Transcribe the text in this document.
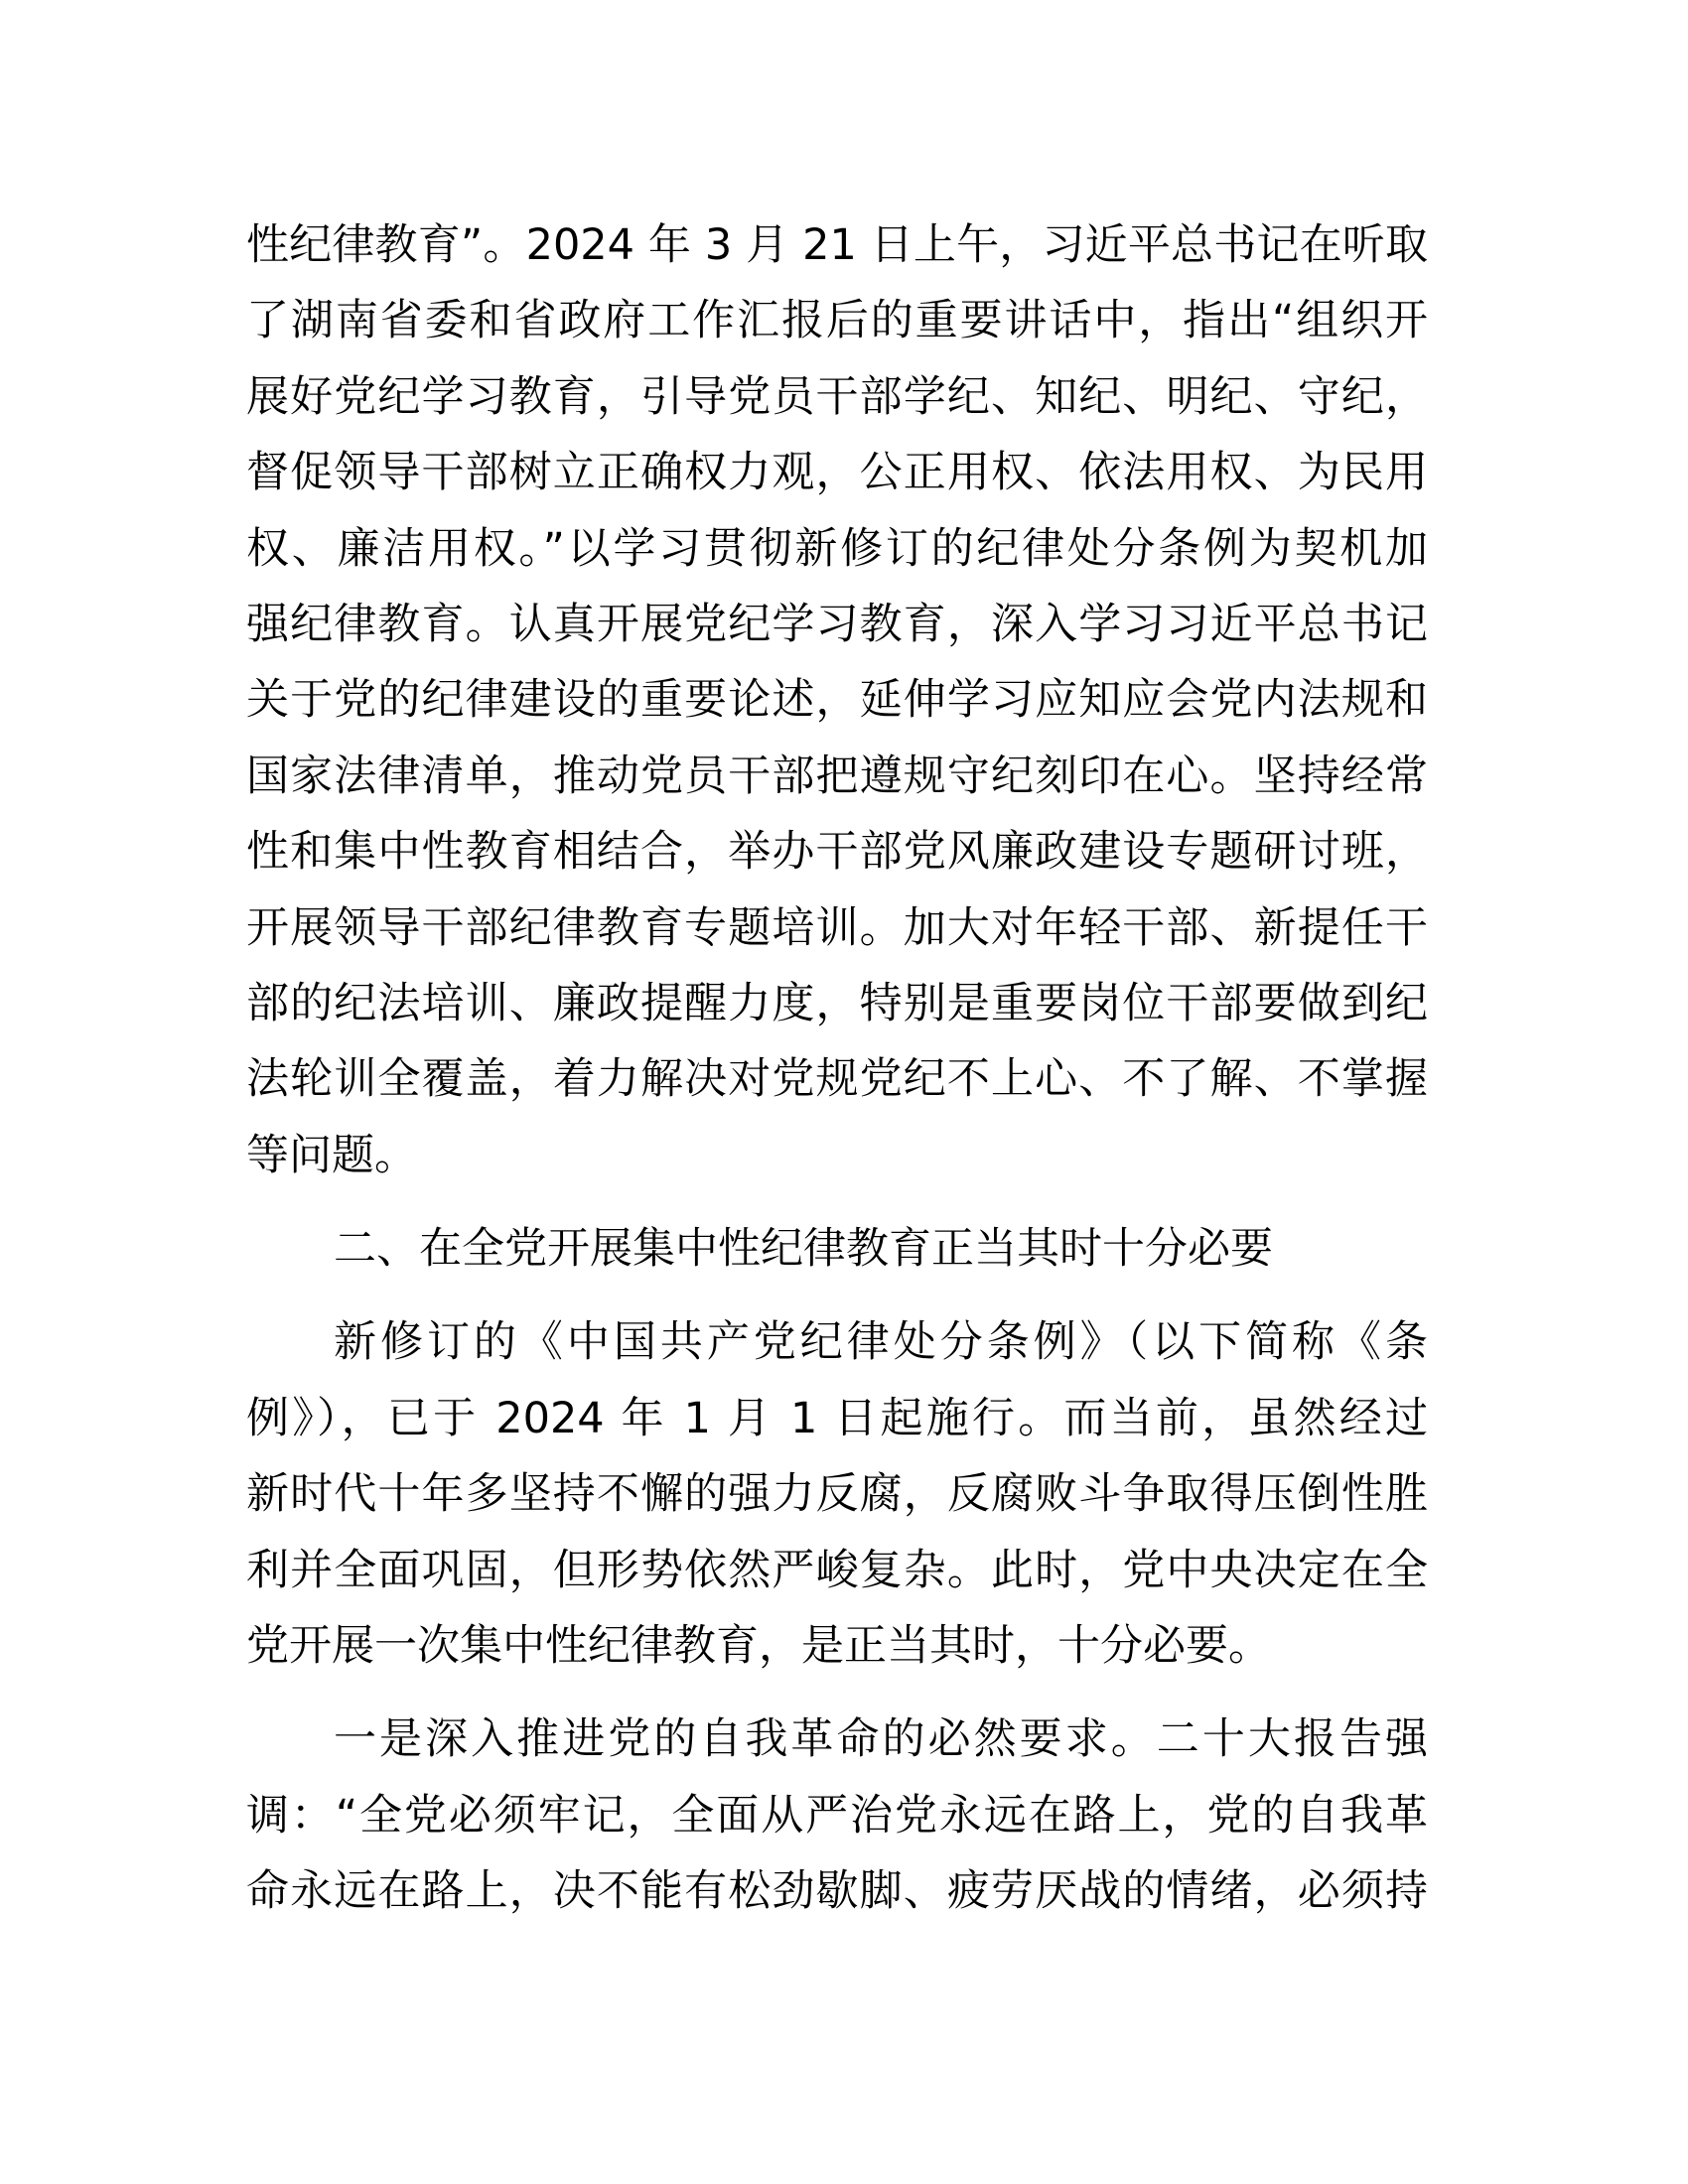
性纪律教育”。2024 年 3 月 21 日上午，习近平总书记在听取
了湖南省委和省政府工作汇报后的重要讲话中，指出“组织开
展好党纪学习教育，引导党员干部学纪、知纪、明纪、守纪，
督促领导干部树立正确权力观，公正用权、依法用权、为民用
权、廉洁用权。”以学习贯彻新修订的纪律处分条例为契机加
强纪律教育。认真开展党纪学习教育，深入学习习近平总书记
关于党的纪律建设的重要论述，延伸学习应知应会党内法规和
国家法律清单，推动党员干部把遵规守纪刻印在心。坚持经常
性和集中性教育相结合，举办干部党风廉政建设专题研讨班，
开展领导干部纪律教育专题培训。加大对年轻干部、新提任干
部的纪法培训、廉政提醒力度，特别是重要岗位干部要做到纪
法轮训全覆盖，着力解决对党规党纪不上心、不了解、不掌握
等问题。
二、在全党开展集中性纪律教育正当其时十分必要
新修订的《中国共产党纪律处分条例》（以下简称《条
例》），已于 2024 年 1 月 1 日起施行。而当前，虽然经过
新时代十年多坚持不懈的强力反腐，反腐败斗争取得压倒性胜
利并全面巩固，但形势依然严峻复杂。此时，党中央决定在全
党开展一次集中性纪律教育，是正当其时，十分必要。
一是深入推进党的自我革命的必然要求。二十大报告强
调：“全党必须牢记，全面从严治党永远在路上，党的自我革
命永远在路上，决不能有松劲歇脚、疲劳厌战的情绪，必须持
